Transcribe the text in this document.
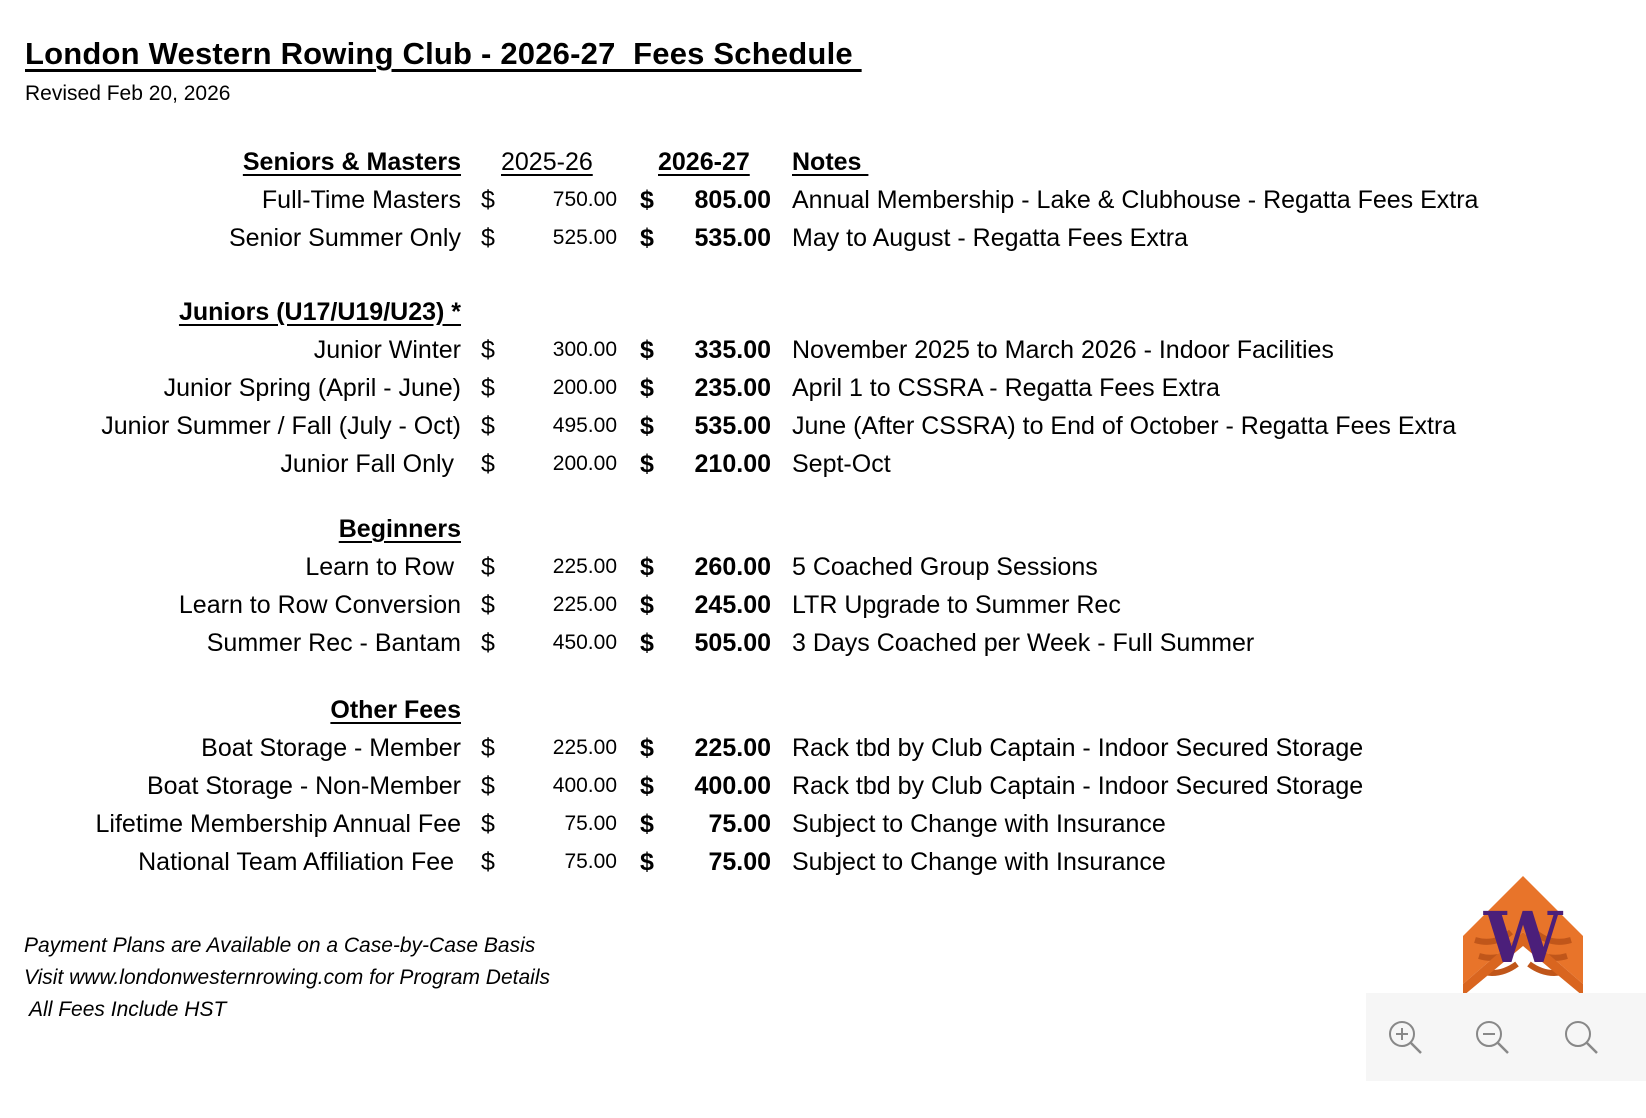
London Western Rowing Club - 2026-27  Fees Schedule
Revised Feb 20, 2026
Seniors & Masters 2025-26	2026-27 Notes
Full-Time Masters $	750.00 $ 805.00 Annual Membership - Lake & Clubhouse - Regatta Fees Extra
Senior Summer Only $	525.00 $ 535.00 May to August - Regatta Fees Extra
Juniors (U17/U19/U23) *
Junior Winter $	300.00 $ 335.00 November 2025 to March 2026 - Indoor Facilities
Junior Spring (April - June) $	200.00 $ 235.00 April 1 to CSSRA - Regatta Fees Extra
Junior Summer / Fall (July - Oct) $	495.00 $ 535.00 June (After CSSRA) to End of October - Regatta Fees Extra
Junior Fall Only $	200.00 $ 210.00 Sept-Oct
Beginners
Learn to Row $	225.00 $ 260.00 5 Coached Group Sessions
Learn to Row Conversion $	225.00 $ 245.00 LTR Upgrade to Summer Rec
Summer Rec - Bantam $	450.00 $ 505.00 3 Days Coached per Week - Full Summer
Other Fees
Boat Storage - Member $	225.00 $ 225.00 Rack tbd by Club Captain - Indoor Secured Storage
Boat Storage - Non-Member $	400.00 $ 400.00 Rack tbd by Club Captain - Indoor Secured Storage
Lifetime Membership Annual Fee $	75.00 $ 75.00 Subject to Change with Insurance
National Team Affiliation Fee $	75.00 $ 75.00 Subject to Change with Insurance
Payment Plans are Available on a Case-by-Case Basis
Visit www.londonwesternrowing.com for Program Details
All Fees Include HST
W
